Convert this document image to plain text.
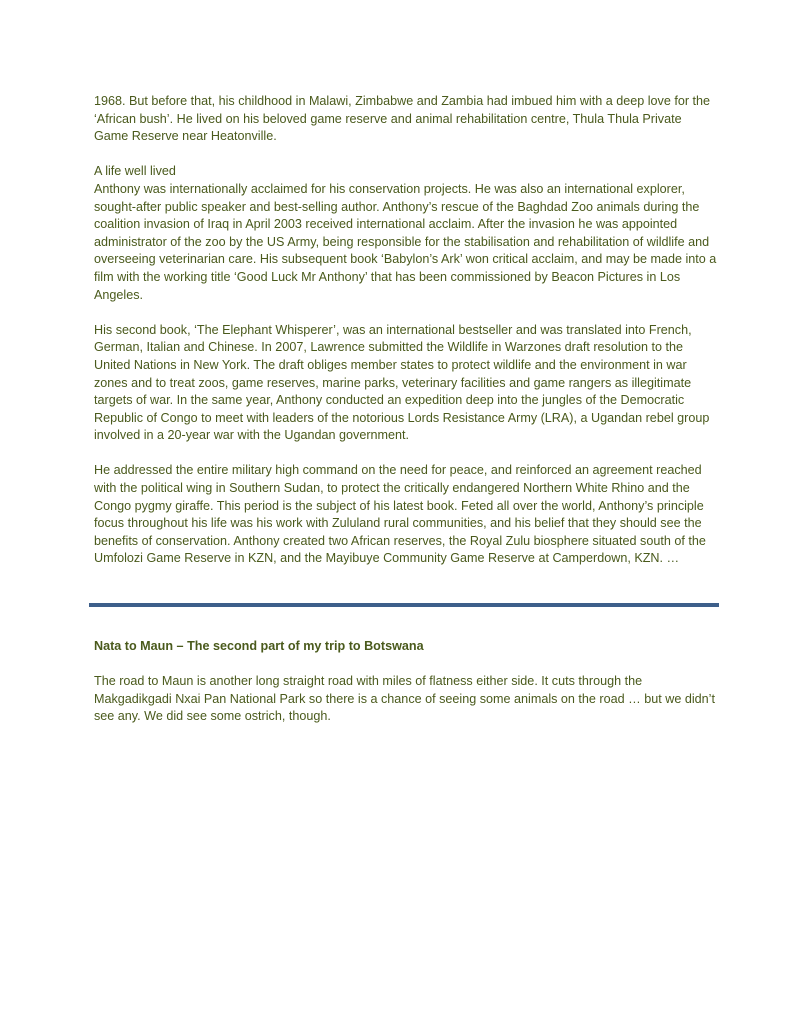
1968. But before that, his childhood in Malawi, Zimbabwe and Zambia had imbued him with a deep love for the ‘African bush’. He lived on his beloved game reserve and animal rehabilitation centre, Thula Thula Private Game Reserve near Heatonville.

A life well lived

Anthony was internationally acclaimed for his conservation projects. He was also an international explorer, sought-after public speaker and best-selling author. Anthony’s rescue of the Baghdad Zoo animals during the coalition invasion of Iraq in April 2003 received international acclaim. After the invasion he was appointed administrator of the zoo by the US Army, being responsible for the stabilisation and rehabilitation of wildlife and overseeing veterinarian care. His subsequent book ‘Babylon’s Ark’ won critical acclaim, and may be made into a film with the working title ‘Good Luck Mr Anthony’ that has been commissioned by Beacon Pictures in Los Angeles.

His second book, ‘The Elephant Whisperer’, was an international bestseller and was translated into French, German, Italian and Chinese. In 2007, Lawrence submitted the Wildlife in Warzones draft resolution to the United Nations in New York. The draft obliges member states to protect wildlife and the environment in war zones and to treat zoos, game reserves, marine parks, veterinary facilities and game rangers as illegitimate targets of war. In the same year, Anthony conducted an expedition deep into the jungles of the Democratic Republic of Congo to meet with leaders of the notorious Lords Resistance Army (LRA), a Ugandan rebel group involved in a 20-year war with the Ugandan government.

He addressed the entire military high command on the need for peace, and reinforced an agreement reached with the political wing in Southern Sudan, to protect the critically endangered Northern White Rhino and the Congo pygmy giraffe. This period is the subject of his latest book. Feted all over the world, Anthony’s principle focus throughout his life was his work with Zululand rural communities, and his belief that they should see the benefits of conservation. Anthony created two African reserves, the Royal Zulu biosphere situated south of the Umfolozi Game Reserve in KZN, and the Mayibuye Community Game Reserve at Camperdown, KZN. …

Nata to Maun – The second part of my trip to Botswana

The road to Maun is another long straight road with miles of flatness either side. It cuts through the Makgadikgadi Nxai Pan National Park so there is a chance of seeing some animals on the road … but we didn’t see any. We did see some ostrich, though.
